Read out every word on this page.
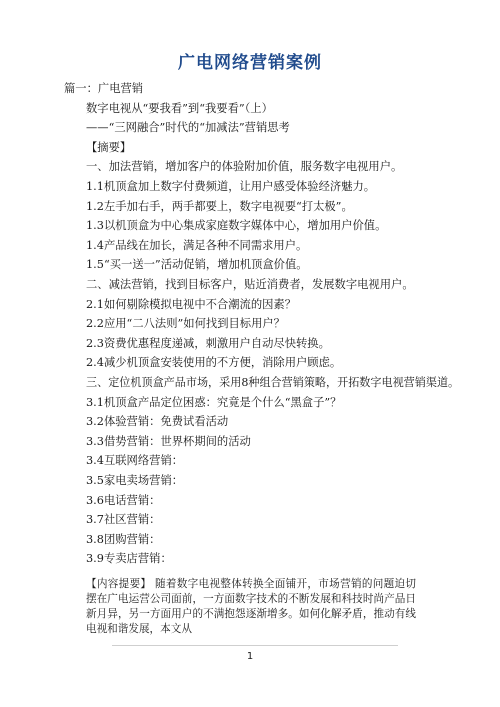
广电网络营销案例
篇一：广电营销
数字电视从“要我看”到“我要看”（上）
——“三网融合”时代的“加减法”营销思考
【摘要】
一、加法营销，增加客户的体验附加价值，服务数字电视用户。
1.1机顶盒加上数字付费频道，让用户感受体验经济魅力。
1.2左手加右手，两手都要上，数字电视要“打太极”。
1.3以机顶盒为中心集成家庭数字媒体中心，增加用户价值。
1.4产品线在加长，满足各种不同需求用户。
1.5“买一送一”活动促销，增加机顶盒价值。
二、减法营销，找到目标客户，贴近消费者，发展数字电视用户。
2.1如何剔除模拟电视中不合潮流的因素？
2.2应用“二八法则”如何找到目标用户？
2.3资费优惠程度递减，刺激用户自动尽快转换。
2.4减少机顶盒安装使用的不方便，消除用户顾虑。
三、定位机顶盒产品市场，采用8种组合营销策略，开拓数字电视营销渠道。
3.1机顶盒产品定位困惑：究竟是个什么“黑盒子”？
3.2体验营销：免费试看活动
3.3借势营销：世界杯期间的活动
3.4互联网络营销：
3.5家电卖场营销：
3.6电话营销：
3.7社区营销：
3.8团购营销：
3.9专卖店营销：
1
【内容提要】 随着数字电视整体转换全面铺开，市场营销的问题迫切摆在广电运营公司面前，一方面数字技术的不断发展和科技时尚产品日新月异，另一方面用户的不满抱怨逐渐增多。如何化解矛盾，推动有线电视和谐发展，本文从
